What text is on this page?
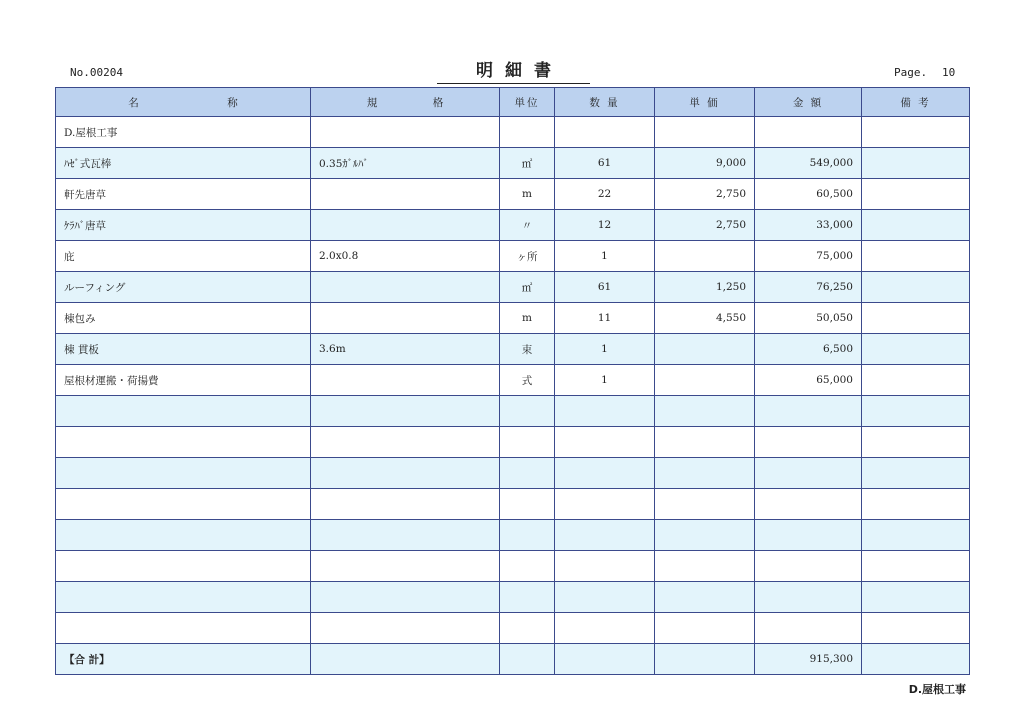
No.00204	明細書	Page. 10
名 称	規 格	単位	数 量	単 価	金 額	備 考
D.屋根工事						
ﾊｾﾞ式瓦棒	0.35ｶﾞﾙﾊﾞ	㎡	61	9,000	549,000	
軒先唐草		m	22	2,750	60,500	
ｹﾗﾊﾞ唐草		〃	12	2,750	33,000	
庇	2.0x0.8	ヶ所	1		75,000	
ルーフィング		㎡	61	1,250	76,250	
棟包み		m	11	4,550	50,050	
棟 貫板	3.6m	束	1		6,500	
屋根材運搬・荷揚費		式	1		65,000	

【合 計】					915,300	
D.屋根工事
